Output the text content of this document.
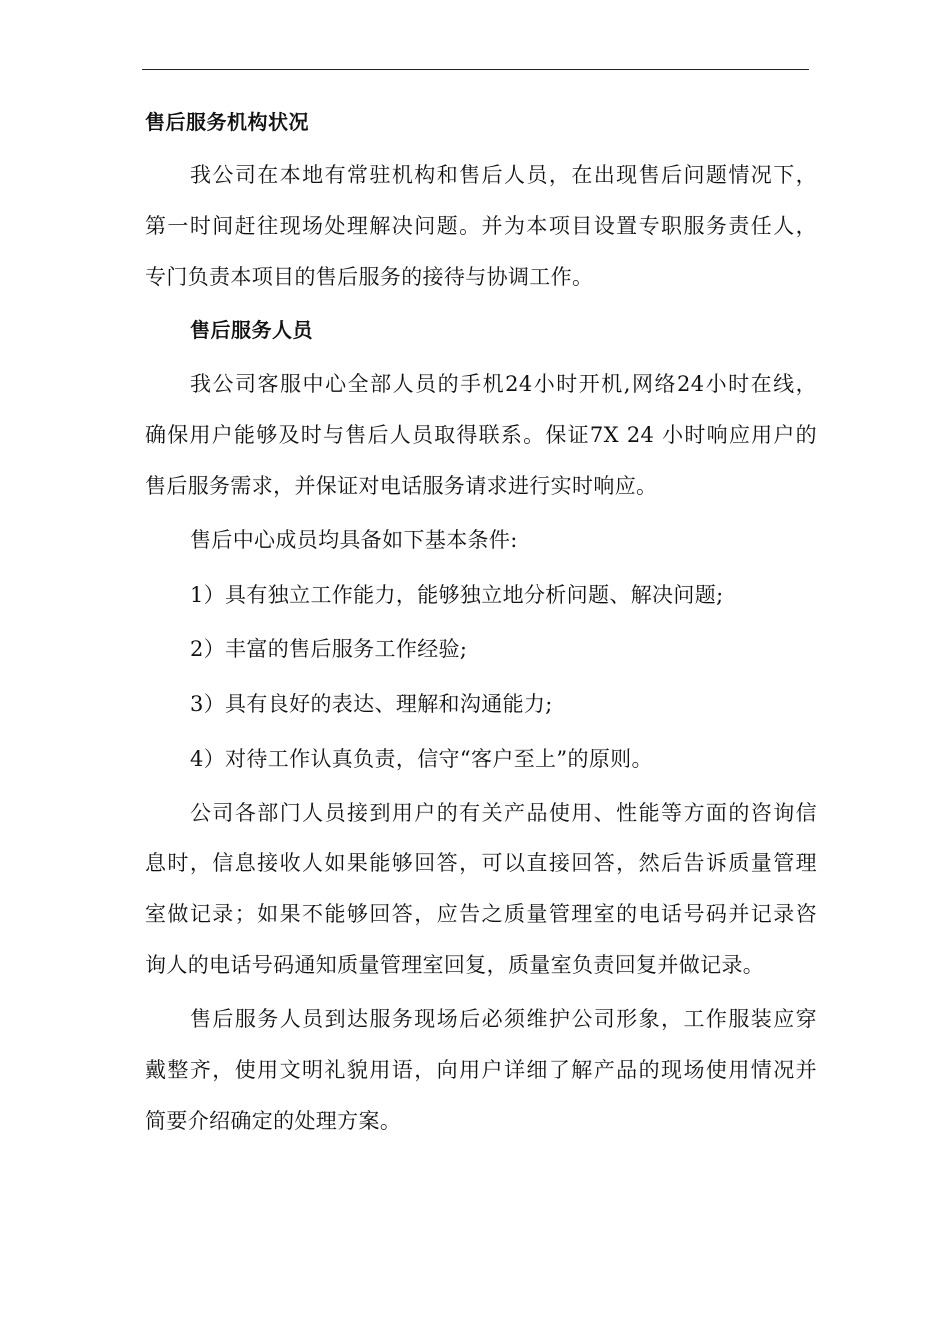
售后服务机构状况
我公司在本地有常驻机构和售后人员，在出现售后问题情况下，
第一时间赶往现场处理解决问题。并为本项目设置专职服务责任人，
专门负责本项目的售后服务的接待与协调工作。
售后服务人员
我公司客服中心全部人员的手机24小时开机,网络24小时在线，
确保用户能够及时与售后人员取得联系。保证7X 24 小时响应用户的
售后服务需求，并保证对电话服务请求进行实时响应。
售后中心成员均具备如下基本条件:
1）具有独立工作能力，能够独立地分析问题、解决问题;
2）丰富的售后服务工作经验;
3）具有良好的表达、理解和沟通能力;
4）对待工作认真负责，信守“客户至上”的原则。
公司各部门人员接到用户的有关产品使用、性能等方面的咨询信
息时，信息接收人如果能够回答，可以直接回答，然后告诉质量管理
室做记录；如果不能够回答，应告之质量管理室的电话号码并记录咨
询人的电话号码通知质量管理室回复，质量室负责回复并做记录。
售后服务人员到达服务现场后必须维护公司形象，工作服装应穿
戴整齐，使用文明礼貌用语，向用户详细了解产品的现场使用情况并
简要介绍确定的处理方案。
